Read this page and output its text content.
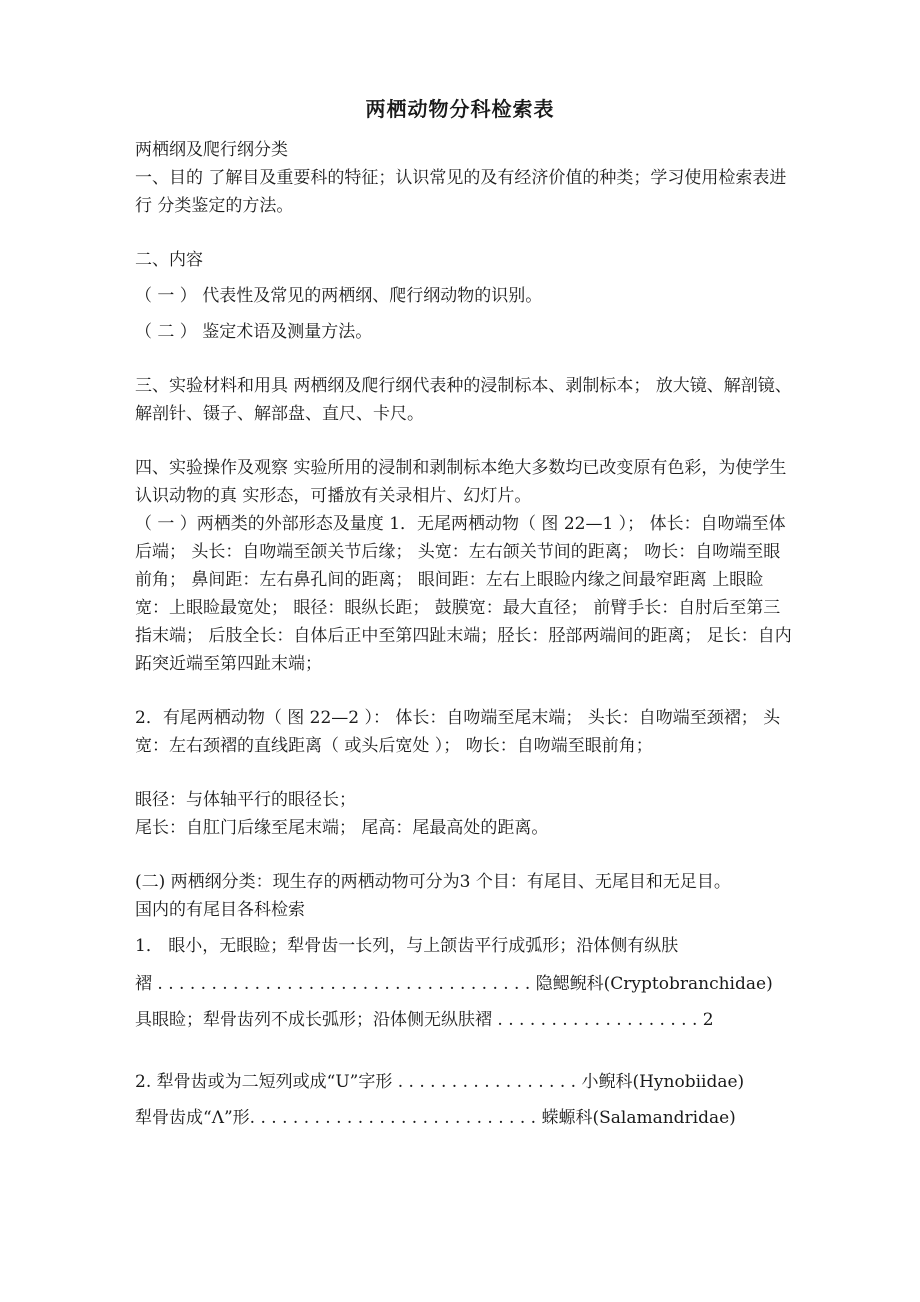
两栖动物分科检索表

两栖纲及爬行纲分类

一、目的 了解目及重要科的特征；认识常见的及有经济价值的种类；学习使用检索表进行 分类鉴定的方法。

二、内容

（ 一 ） 代表性及常见的两栖纲、爬行纲动物的识别。

（ 二 ） 鉴定术语及测量方法。

三、实验材料和用具 两栖纲及爬行纲代表种的浸制标本、剥制标本； 放大镜、解剖镜、解剖针、镊子、解部盘、直尺、卡尺。

四、实验操作及观察 实验所用的浸制和剥制标本绝大多数均已改变原有色彩，为使学生认识动物的真 实形态，可播放有关录相片、幻灯片。

（ 一 ）两栖类的外部形态及量度 1．无尾两栖动物（ 图 22—1 ）； 体长：自吻端至体后端； 头长：自吻端至颌关节后缘； 头宽：左右颌关节间的距离； 吻长：自吻端至眼前角； 鼻间距：左右鼻孔间的距离； 眼间距：左右上眼睑内缘之间最窄距离 上眼睑宽：上眼睑最宽处； 眼径：眼纵长距； 鼓膜宽：最大直径； 前臂手长：自肘后至第三指末端； 后肢全长：自体后正中至第四趾末端；胫长：胫部两端间的距离； 足长：自内跖突近端至第四趾末端；

2．有尾两栖动物（ 图 22—2 ）： 体长：自吻端至尾末端； 头长：自吻端至颈褶； 头宽：左右颈褶的直线距离（ 或头后宽处 ）； 吻长：自吻端至眼前角；

眼径：与体轴平行的眼径长；

尾长：自肛门后缘至尾末端； 尾高：尾最高处的距离。

(二) 两栖纲分类：现生存的两栖动物可分为3 个目：有尾目、无尾目和无足目。

国内的有尾目各科检索

1． 眼小，无眼睑；犁骨齿一长列，与上颌齿平行成弧形；沿体侧有纵肤

褶 . . . . . . . . . . . . . . . . . . . . . . . . . . . . . . . . . . . 隐鳃鲵科(Cryptobranchidae)

具眼睑；犁骨齿列不成长弧形；沿体侧无纵肤褶 . . . . . . . . . . . . . . . . . . . 2

2. 犁骨齿或为二短列或成“U”字形 . . . . . . . . . . . . . . . . . 小鲵科(Hynobiidae)

犁骨齿成“Λ”形. . . . . . . . . . . . . . . . . . . . . . . . . . . 蝾螈科(Salamandridae)
